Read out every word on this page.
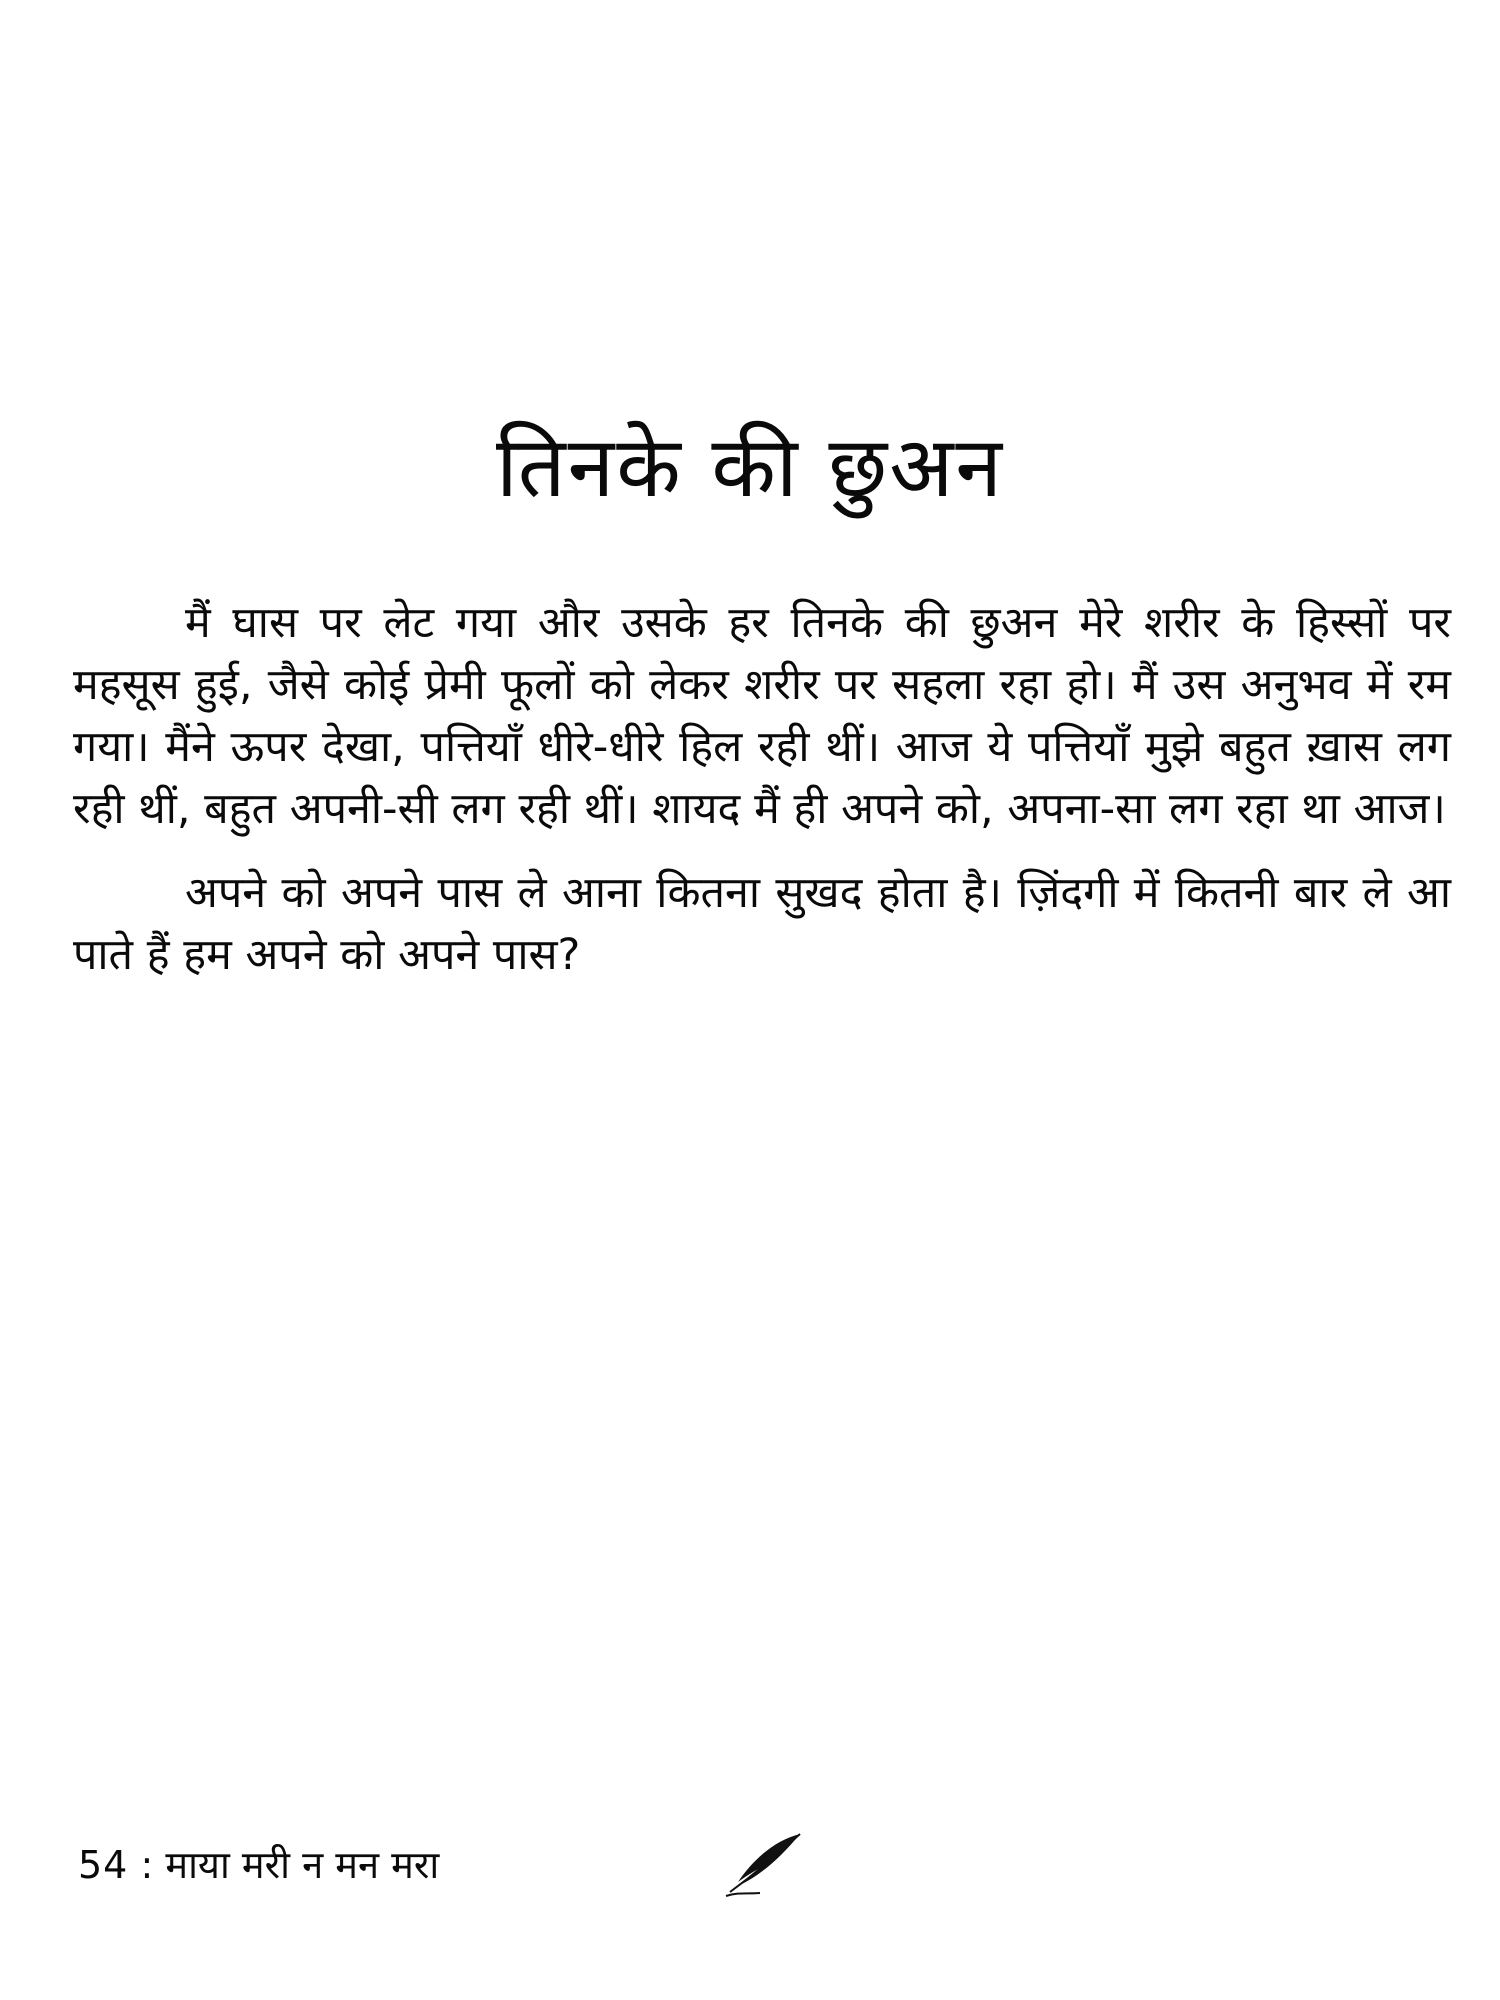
तिनके की छुअन

मैं घास पर लेट गया और उसके हर तिनके की छुअन मेरे शरीर के हिस्सों पर महसूस हुई, जैसे कोई प्रेमी फूलों को लेकर शरीर पर सहला रहा हो। मैं उस अनुभव में रम गया। मैंने ऊपर देखा, पत्तियाँ धीरे-धीरे हिल रही थीं। आज ये पत्तियाँ मुझे बहुत ख़ास लग रही थीं, बहुत अपनी-सी लग रही थीं। शायद मैं ही अपने को, अपना-सा लग रहा था आज।

अपने को अपने पास ले आना कितना सुखद होता है। ज़िंदगी में कितनी बार ले आ पाते हैं हम अपने को अपने पास?

54 : माया मरी न मन मरा
